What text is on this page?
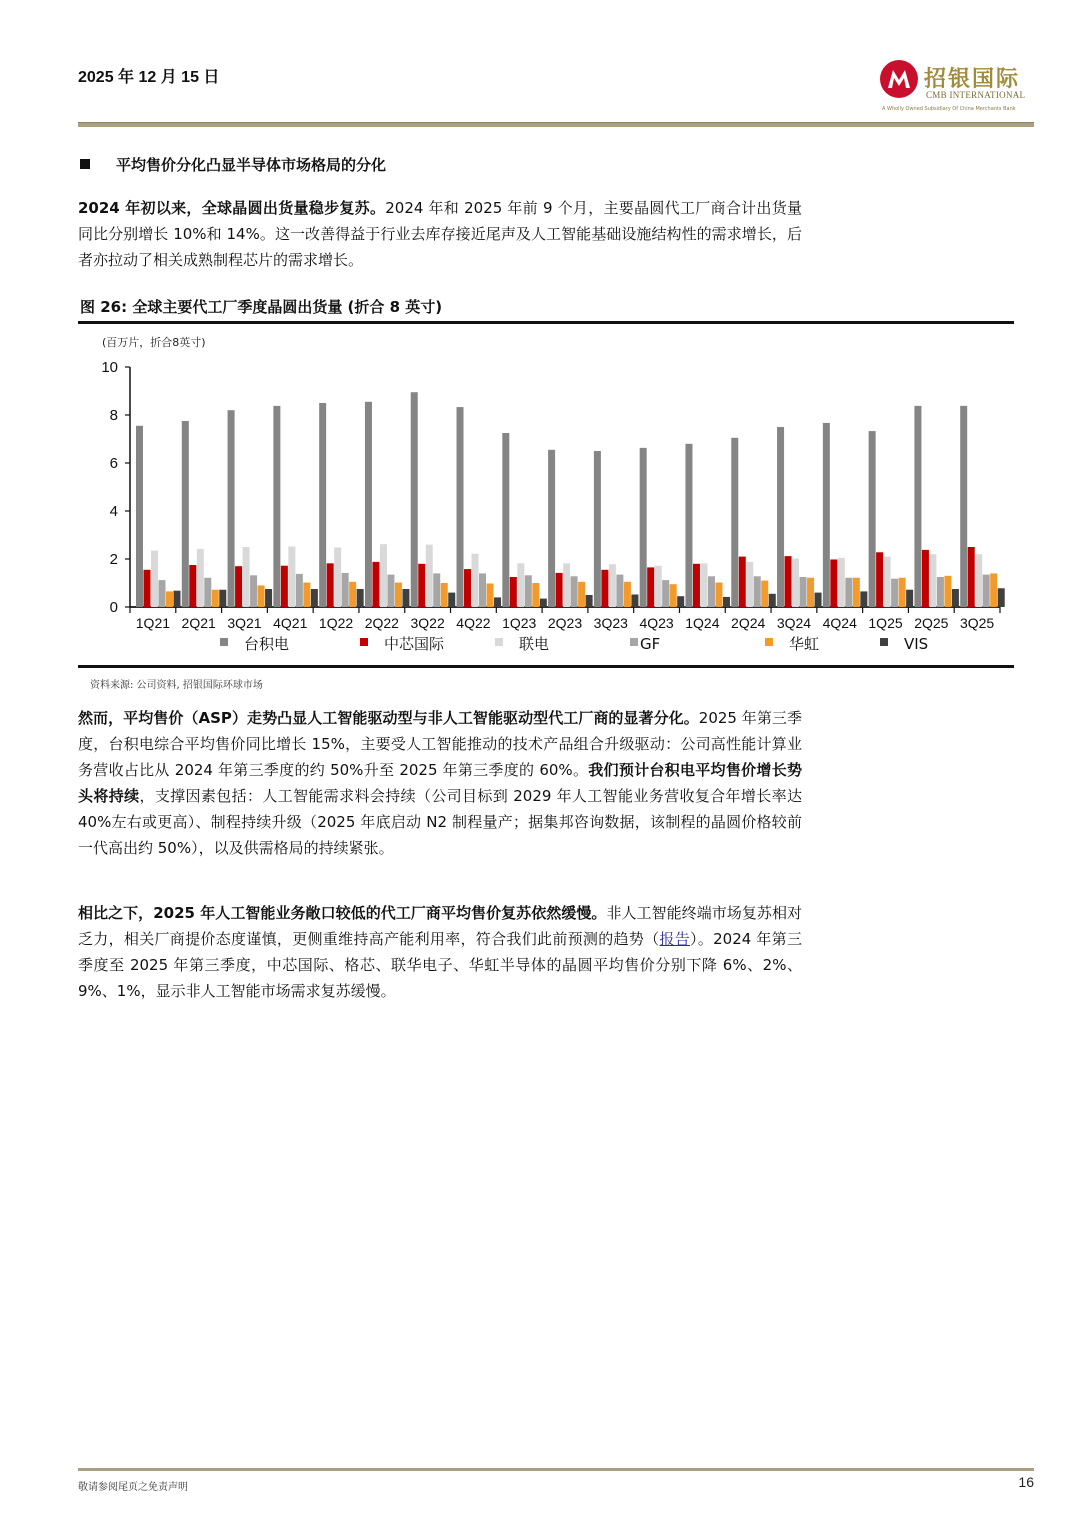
2025 年 12 月 15 日	招银国际
CMB INTERNATIONAL
A Wholly Owned Subsidiary Of China Merchants Bank
平均售价分化凸显半导体市场格局的分化
2024 年初以来，全球晶圆出货量稳步复苏。2024 年和 2025 年前 9 个月，主要晶圆代工厂商合计出货量同比分别增长 10%和 14%。这一改善得益于行业去库存接近尾声及人工智能基础设施结构性的需求增长，后者亦拉动了相关成熟制程芯片的需求增长。
图 26: 全球主要代工厂季度晶圆出货量 (折合 8 英寸)
(百万片，折合8英寸)
0
2
4
6
8
10
1Q21 2Q21 3Q21 4Q21 1Q22 2Q22 3Q22 4Q22 1Q23 2Q23 3Q23 4Q23 1Q24 2Q24 3Q24 4Q24 1Q25 2Q25 3Q25
台积电	中芯国际	联电	GF	华虹	VIS
资料来源: 公司资料, 招银国际环球市场
然而，平均售价（ASP）走势凸显人工智能驱动型与非人工智能驱动型代工厂商的显著分化。2025 年第三季度，台积电综合平均售价同比增长 15%，主要受人工智能推动的技术产品组合升级驱动：公司高性能计算业务营收占比从 2024 年第三季度的约 50%升至 2025 年第三季度的 60%。我们预计台积电平均售价增长势头将持续，支撑因素包括：人工智能需求料会持续（公司目标到 2029 年人工智能业务营收复合年增长率达 40%左右或更高）、制程持续升级（2025 年底启动 N2 制程量产；据集邦咨询数据，该制程的晶圆价格较前一代高出约 50%），以及供需格局的持续紧张。
相比之下，2025 年人工智能业务敞口较低的代工厂商平均售价复苏依然缓慢。非人工智能终端市场复苏相对乏力，相关厂商提价态度谨慎，更侧重维持高产能利用率，符合我们此前预测的趋势（报告）。2024 年第三季度至 2025 年第三季度，中芯国际、格芯、联华电子、华虹半导体的晶圆平均售价分别下降 6%、2%、9%、1%，显示非人工智能市场需求复苏缓慢。
敬请参阅尾页之免责声明	16
